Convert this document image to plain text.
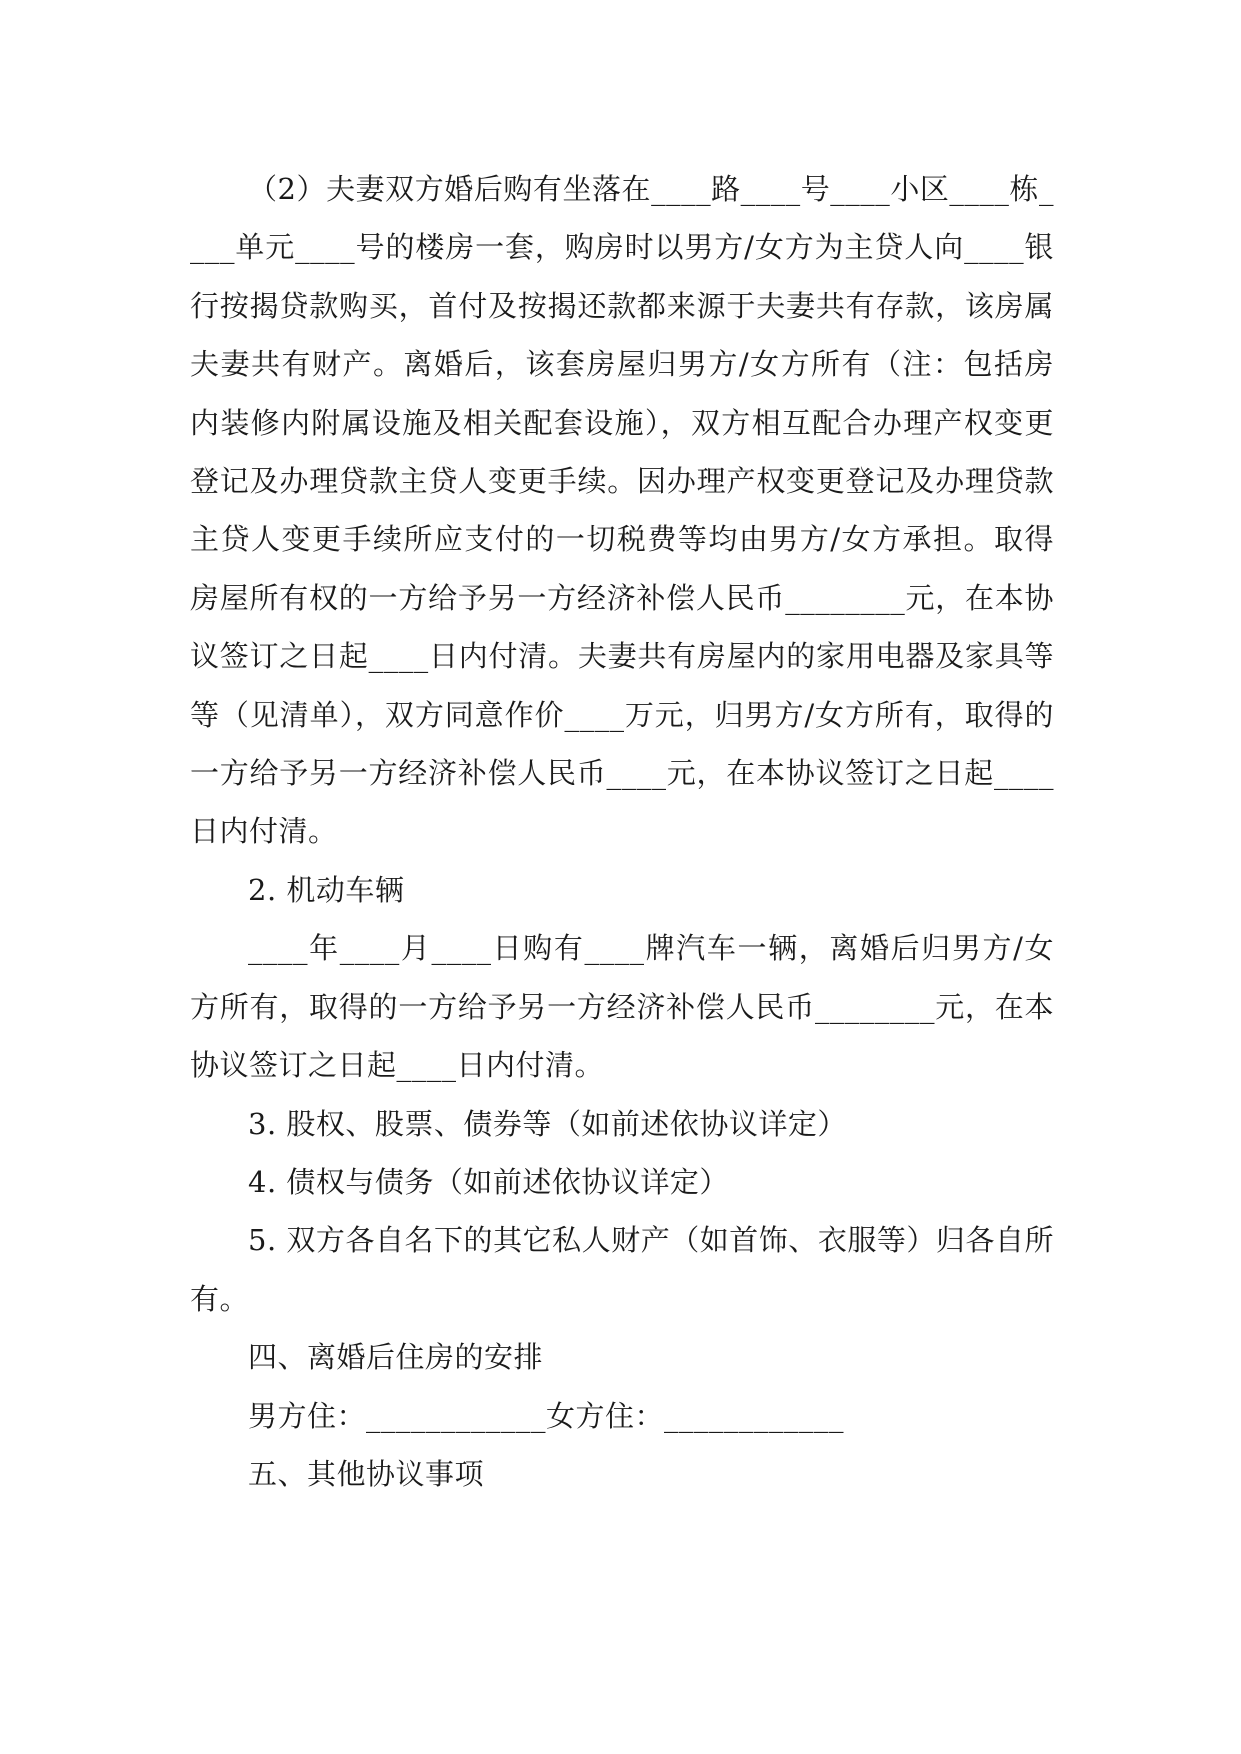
（2）夫妻双方婚后购有坐落在____路____号____小区____栋____单元____号的楼房一套，购房时以男方/女方为主贷人向____银行按揭贷款购买，首付及按揭还款都来源于夫妻共有存款，该房属夫妻共有财产。离婚后，该套房屋归男方/女方所有（注：包括房内装修内附属设施及相关配套设施），双方相互配合办理产权变更登记及办理贷款主贷人变更手续。因办理产权变更登记及办理贷款主贷人变更手续所应支付的一切税费等均由男方/女方承担。取得房屋所有权的一方给予另一方经济补偿人民币________元，在本协议签订之日起____日内付清。夫妻共有房屋内的家用电器及家具等等（见清单），双方同意作价____万元，归男方/女方所有，取得的一方给予另一方经济补偿人民币____元，在本协议签订之日起____日内付清。

2. 机动车辆

____年____月____日购有____牌汽车一辆，离婚后归男方/女方所有，取得的一方给予另一方经济补偿人民币________元，在本协议签订之日起____日内付清。

3. 股权、股票、债券等（如前述依协议详定）

4. 债权与债务（如前述依协议详定）

5. 双方各自名下的其它私人财产（如首饰、衣服等）归各自所有。

四、离婚后住房的安排

男方住：____________女方住：____________

五、其他协议事项
